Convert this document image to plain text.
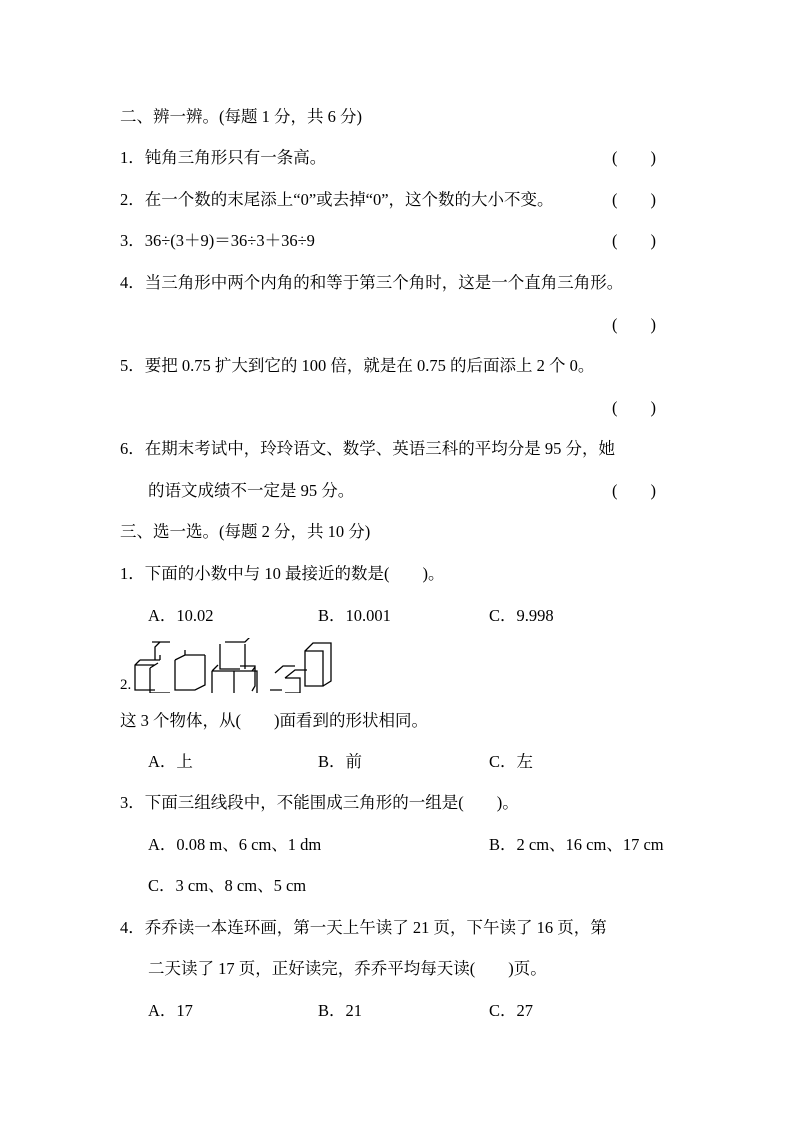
二、辨一辨。(每题 1 分，共 6 分)
1．钝角三角形只有一条高。	(　　)
2．在一个数的末尾添上“0”或去掉“0”，这个数的大小不变。	(　　)
3．36÷(3＋9)＝36÷3＋36÷9	(　　)
4．当三角形中两个内角的和等于第三个角时，这是一个直角三角形。
(　　)
5．要把 0.75 扩大到它的 100 倍，就是在 0.75 的后面添上 2 个 0。
(　　)
6．在期末考试中，玲玲语文、数学、英语三科的平均分是 95 分，她
的语文成绩不一定是 95 分。	(　　)
三、选一选。(每题 2 分，共 10 分)
1．下面的小数中与 10 最接近的数是(　　)。
A．10.02	B．10.001	C．9.998
2.
这 3 个物体，从(　　)面看到的形状相同。
A．上	B．前	C．左
3．下面三组线段中，不能围成三角形的一组是(　　)。
A．0.08 m、6 cm、1 dm	B．2 cm、16 cm、17 cm
C．3 cm、8 cm、5 cm
4．乔乔读一本连环画，第一天上午读了 21 页，下午读了 16 页，第
二天读了 17 页，正好读完，乔乔平均每天读(　　)页。
A．17	B．21	C．27
